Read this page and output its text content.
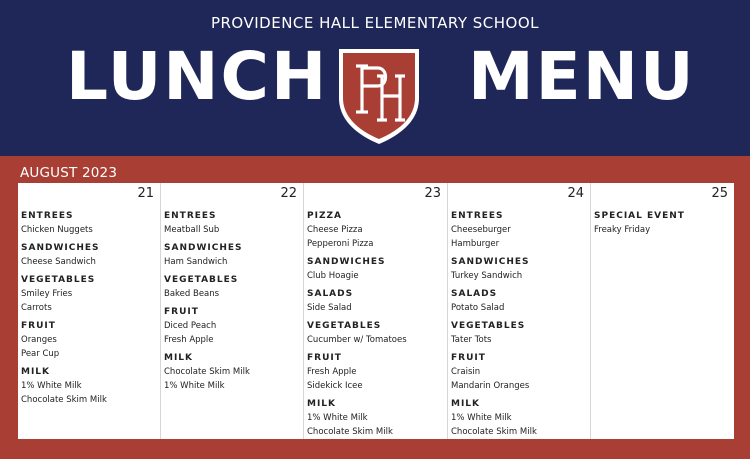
PROVIDENCE HALL ELEMENTARY SCHOOL
LUNCH MENU
AUGUST 2023
21
ENTREES
Chicken Nuggets
SANDWICHES
Cheese Sandwich
VEGETABLES
Smiley Fries
Carrots
FRUIT
Oranges
Pear Cup
MILK
1% White Milk
Chocolate Skim Milk
22
ENTREES
Meatball Sub
SANDWICHES
Ham Sandwich
VEGETABLES
Baked Beans
FRUIT
Diced Peach
Fresh Apple
MILK
Chocolate Skim Milk
1% White Milk
23
PIZZA
Cheese Pizza
Pepperoni Pizza
SANDWICHES
Club Hoagie
SALADS
Side Salad
VEGETABLES
Cucumber w/ Tomatoes
FRUIT
Fresh Apple
Sidekick Icee
MILK
1% White Milk
Chocolate Skim Milk
24
ENTREES
Cheeseburger
Hamburger
SANDWICHES
Turkey Sandwich
SALADS
Potato Salad
VEGETABLES
Tater Tots
FRUIT
Craisin
Mandarin Oranges
MILK
1% White Milk
Chocolate Skim Milk
25
SPECIAL EVENT
Freaky Friday
